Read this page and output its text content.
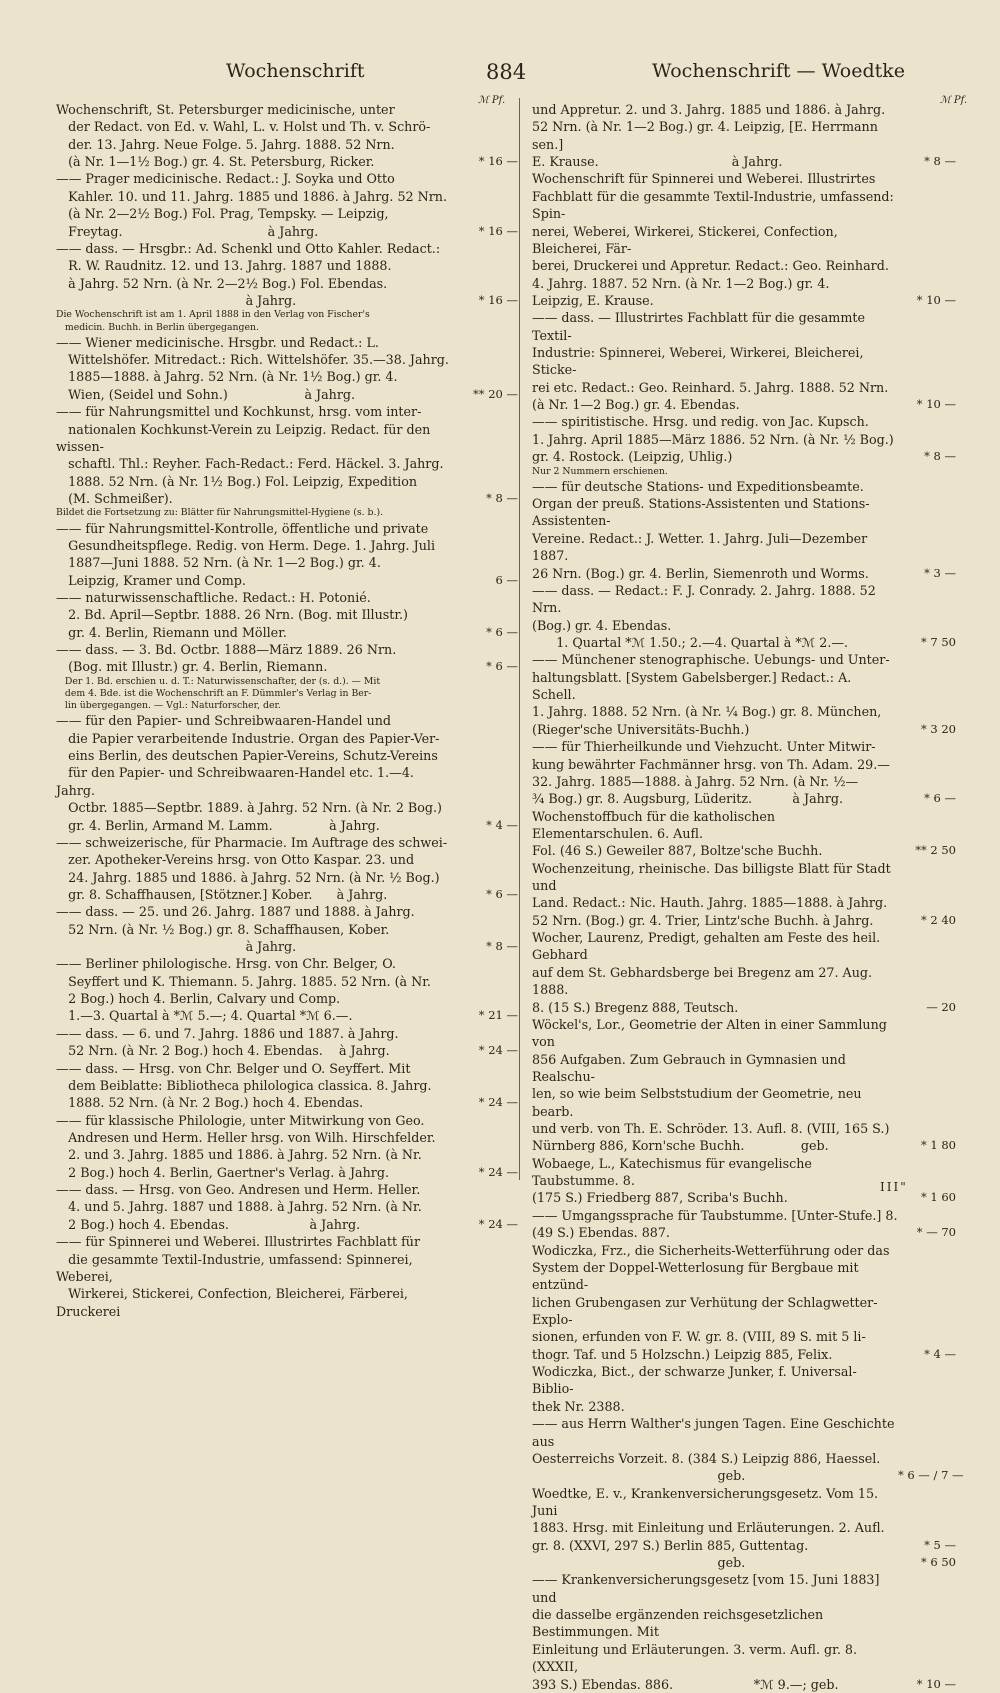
Wochenschrift	884	Wochenschrift — Woedtke
ℳ Pf.	ℳ Pf.
Wochenschrift, St. Petersburger medicinische, unter
der Redact. von Ed. v. Wahl, L. v. Holst und Th. v. Schrö-
der. 13. Jahrg. Neue Folge. 5. Jahrg. 1888. 52 Nrn.
(à Nr. 1—1½ Bog.) gr. 4. St. Petersburg, Ricker.	* 16 —
—— Prager medicinische. Redact.: J. Soyka und Otto
Kahler. 10. und 11. Jahrg. 1885 und 1886. à Jahrg. 52 Nrn.
(à Nr. 2—2½ Bog.) Fol. Prag, Tempsky. — Leipzig,
Freytag.                                    à Jahrg.	* 16 —
—— dass. — Hrsgbr.: Ad. Schenkl und Otto Kahler. Redact.:
R. W. Raudnitz. 12. und 13. Jahrg. 1887 und 1888.
à Jahrg. 52 Nrn. (à Nr. 2—2½ Bog.) Fol. Ebendas.
à Jahrg.	* 16 —
Die Wochenschrift ist am 1. April 1888 in den Verlag von Fischer's
medicin. Buchh. in Berlin übergegangen.
—— Wiener medicinische. Hrsgbr. und Redact.: L.
Wittelshöfer. Mitredact.: Rich. Wittelshöfer. 35.—38. Jahrg.
1885—1888. à Jahrg. 52 Nrn. (à Nr. 1½ Bog.) gr. 4.
Wien, (Seidel und Sohn.)                   à Jahrg.	** 20 —
—— für Nahrungsmittel und Kochkunst, hrsg. vom inter-
nationalen Kochkunst-Verein zu Leipzig. Redact. für den wissen-
schaftl. Thl.: Reyher. Fach-Redact.: Ferd. Häckel. 3. Jahrg.
1888. 52 Nrn. (à Nr. 1½ Bog.) Fol. Leipzig, Expedition
(M. Schmeißer).	* 8 —
Bildet die Fortsetzung zu: Blätter für Nahrungsmittel-Hygiene (s. b.).
—— für Nahrungsmittel-Kontrolle, öffentliche und private
Gesundheitspflege. Redig. von Herm. Dege. 1. Jahrg. Juli
1887—Juni 1888. 52 Nrn. (à Nr. 1—2 Bog.) gr. 4.
Leipzig, Kramer und Comp.	6 —
—— naturwissenschaftliche. Redact.: H. Potonié.
2. Bd. April—Septbr. 1888. 26 Nrn. (Bog. mit Illustr.)
gr. 4. Berlin, Riemann und Möller.	* 6 —
—— dass. — 3. Bd. Octbr. 1888—März 1889. 26 Nrn.
(Bog. mit Illustr.) gr. 4. Berlin, Riemann.	* 6 —
Der 1. Bd. erschien u. d. T.: Naturwissenschafter, der (s. d.). — Mit
dem 4. Bde. ist die Wochenschrift an F. Dümmler's Verlag in Ber-
lin übergegangen. — Vgl.: Naturforscher, der.
—— für den Papier- und Schreibwaaren-Handel und
die Papier verarbeitende Industrie. Organ des Papier-Ver-
eins Berlin, des deutschen Papier-Vereins, Schutz-Vereins
für den Papier- und Schreibwaaren-Handel etc. 1.—4. Jahrg.
Octbr. 1885—Septbr. 1889. à Jahrg. 52 Nrn. (à Nr. 2 Bog.)
gr. 4. Berlin, Armand M. Lamm.              à Jahrg.	* 4 —
—— schweizerische, für Pharmacie. Im Auftrage des schwei-
zer. Apotheker-Vereins hrsg. von Otto Kaspar. 23. und
24. Jahrg. 1885 und 1886. à Jahrg. 52 Nrn. (à Nr. ½ Bog.)
gr. 8. Schaffhausen, [Stötzner.] Kober.      à Jahrg.	* 6 —
—— dass. — 25. und 26. Jahrg. 1887 und 1888. à Jahrg.
52 Nrn. (à Nr. ½ Bog.) gr. 8. Schaffhausen, Kober.
à Jahrg.	* 8 —
—— Berliner philologische. Hrsg. von Chr. Belger, O.
Seyffert und K. Thiemann. 5. Jahrg. 1885. 52 Nrn. (à Nr.
2 Bog.) hoch 4. Berlin, Calvary und Comp.
1.—3. Quartal à *ℳ 5.—; 4. Quartal *ℳ 6.—.	* 21 —
—— dass. — 6. und 7. Jahrg. 1886 und 1887. à Jahrg.
52 Nrn. (à Nr. 2 Bog.) hoch 4. Ebendas.    à Jahrg.	* 24 —
—— dass. — Hrsg. von Chr. Belger und O. Seyffert. Mit
dem Beiblatte: Bibliotheca philologica classica. 8. Jahrg.
1888. 52 Nrn. (à Nr. 2 Bog.) hoch 4. Ebendas.	* 24 —
—— für klassische Philologie, unter Mitwirkung von Geo.
Andresen und Herm. Heller hrsg. von Wilh. Hirschfelder.
2. und 3. Jahrg. 1885 und 1886. à Jahrg. 52 Nrn. (à Nr.
2 Bog.) hoch 4. Berlin, Gaertner's Verlag. à Jahrg.	* 24 —
—— dass. — Hrsg. von Geo. Andresen und Herm. Heller.
4. und 5. Jahrg. 1887 und 1888. à Jahrg. 52 Nrn. (à Nr.
2 Bog.) hoch 4. Ebendas.                    à Jahrg.	* 24 —
—— für Spinnerei und Weberei. Illustrirtes Fachblatt für
die gesammte Textil-Industrie, umfassend: Spinnerei, Weberei,
Wirkerei, Stickerei, Confection, Bleicherei, Färberei, Druckerei
und Appretur. 2. und 3. Jahrg. 1885 und 1886. à Jahrg.
52 Nrn. (à Nr. 1—2 Bog.) gr. 4. Leipzig, [E. Herrmann sen.]
E. Krause.                                 à Jahrg.	* 8 —
Wochenschrift für Spinnerei und Weberei. Illustrirtes
Fachblatt für die gesammte Textil-Industrie, umfassend: Spin-
nerei, Weberei, Wirkerei, Stickerei, Confection, Bleicherei, Fär-
berei, Druckerei und Appretur. Redact.: Geo. Reinhard.
4. Jahrg. 1887. 52 Nrn. (à Nr. 1—2 Bog.) gr. 4.
Leipzig, E. Krause.	* 10 —
—— dass. — Illustrirtes Fachblatt für die gesammte Textil-
Industrie: Spinnerei, Weberei, Wirkerei, Bleicherei, Sticke-
rei etc. Redact.: Geo. Reinhard. 5. Jahrg. 1888. 52 Nrn.
(à Nr. 1—2 Bog.) gr. 4. Ebendas.	* 10 —
—— spiritistische. Hrsg. und redig. von Jac. Kupsch.
1. Jahrg. April 1885—März 1886. 52 Nrn. (à Nr. ½ Bog.)
gr. 4. Rostock. (Leipzig, Uhlig.)	* 8 —
Nur 2 Nummern erschienen.
—— für deutsche Stations- und Expeditionsbeamte.
Organ der preuß. Stations-Assistenten und Stations-Assistenten-
Vereine. Redact.: J. Wetter. 1. Jahrg. Juli—Dezember 1887.
26 Nrn. (Bog.) gr. 4. Berlin, Siemenroth und Worms.	* 3 —
—— dass. — Redact.: F. J. Conrady. 2. Jahrg. 1888. 52 Nrn.
(Bog.) gr. 4. Ebendas.
1. Quartal *ℳ 1.50.; 2.—4. Quartal à *ℳ 2.—.	* 7 50
—— Münchener stenographische. Uebungs- und Unter-
haltungsblatt. [System Gabelsberger.] Redact.: A. Schell.
1. Jahrg. 1888. 52 Nrn. (à Nr. ¼ Bog.) gr. 8. München,
(Rieger'sche Universitäts-Buchh.)	* 3 20
—— für Thierheilkunde und Viehzucht. Unter Mitwir-
kung bewährter Fachmänner hrsg. von Th. Adam. 29.—
32. Jahrg. 1885—1888. à Jahrg. 52 Nrn. (à Nr. ½—
¾ Bog.) gr. 8. Augsburg, Lüderitz.          à Jahrg.	* 6 —
Wochenstoffbuch für die katholischen Elementarschulen. 6. Aufl.
Fol. (46 S.) Geweiler 887, Boltze'sche Buchh.	** 2 50
Wochenzeitung, rheinische. Das billigste Blatt für Stadt und
Land. Redact.: Nic. Hauth. Jahrg. 1885—1888. à Jahrg.
52 Nrn. (Bog.) gr. 4. Trier, Lintz'sche Buchh. à Jahrg.	* 2 40
Wocher, Laurenz, Predigt, gehalten am Feste des heil. Gebhard
auf dem St. Gebhardsberge bei Bregenz am 27. Aug. 1888.
8. (15 S.) Bregenz 888, Teutsch.	— 20
Wöckel's, Lor., Geometrie der Alten in einer Sammlung von
856 Aufgaben. Zum Gebrauch in Gymnasien und Realschu-
len, so wie beim Selbststudium der Geometrie, neu bearb.
und verb. von Th. E. Schröder. 13. Aufl. 8. (VIII, 165 S.)
Nürnberg 886, Korn'sche Buchh.              geb.	* 1 80
Wobaege, L., Katechismus für evangelische Taubstumme. 8.
(175 S.) Friedberg 887, Scriba's Buchh.	* 1 60
—— Umgangssprache für Taubstumme. [Unter-Stufe.] 8.
(49 S.) Ebendas. 887.	* — 70
Wodiczka, Frz., die Sicherheits-Wetterführung oder das
System der Doppel-Wetterlosung für Bergbaue mit entzünd-
lichen Grubengasen zur Verhütung der Schlagwetter-Explo-
sionen, erfunden von F. W. gr. 8. (VIII, 89 S. mit 5 li-
thogr. Taf. und 5 Holzschn.) Leipzig 885, Felix.	* 4 —
Wodiczka, Bict., der schwarze Junker, f. Universal-Biblio-
thek Nr. 2388.
—— aus Herrn Walther's jungen Tagen. Eine Geschichte aus
Oesterreichs Vorzeit. 8. (384 S.) Leipzig 886, Haessel.
geb.	* 6 — / 7 —
Woedtke, E. v., Krankenversicherungsgesetz. Vom 15. Juni
1883. Hrsg. mit Einleitung und Erläuterungen. 2. Aufl.
gr. 8. (XXVI, 297 S.) Berlin 885, Guttentag.	* 5 —
geb.	* 6 50
—— Krankenversicherungsgesetz [vom 15. Juni 1883] und
die dasselbe ergänzenden reichsgesetzlichen Bestimmungen. Mit
Einleitung und Erläuterungen. 3. verm. Aufl. gr. 8. (XXXII,
393 S.) Ebendas. 886.                    *ℳ 9.—; geb.	* 10 —
III"
